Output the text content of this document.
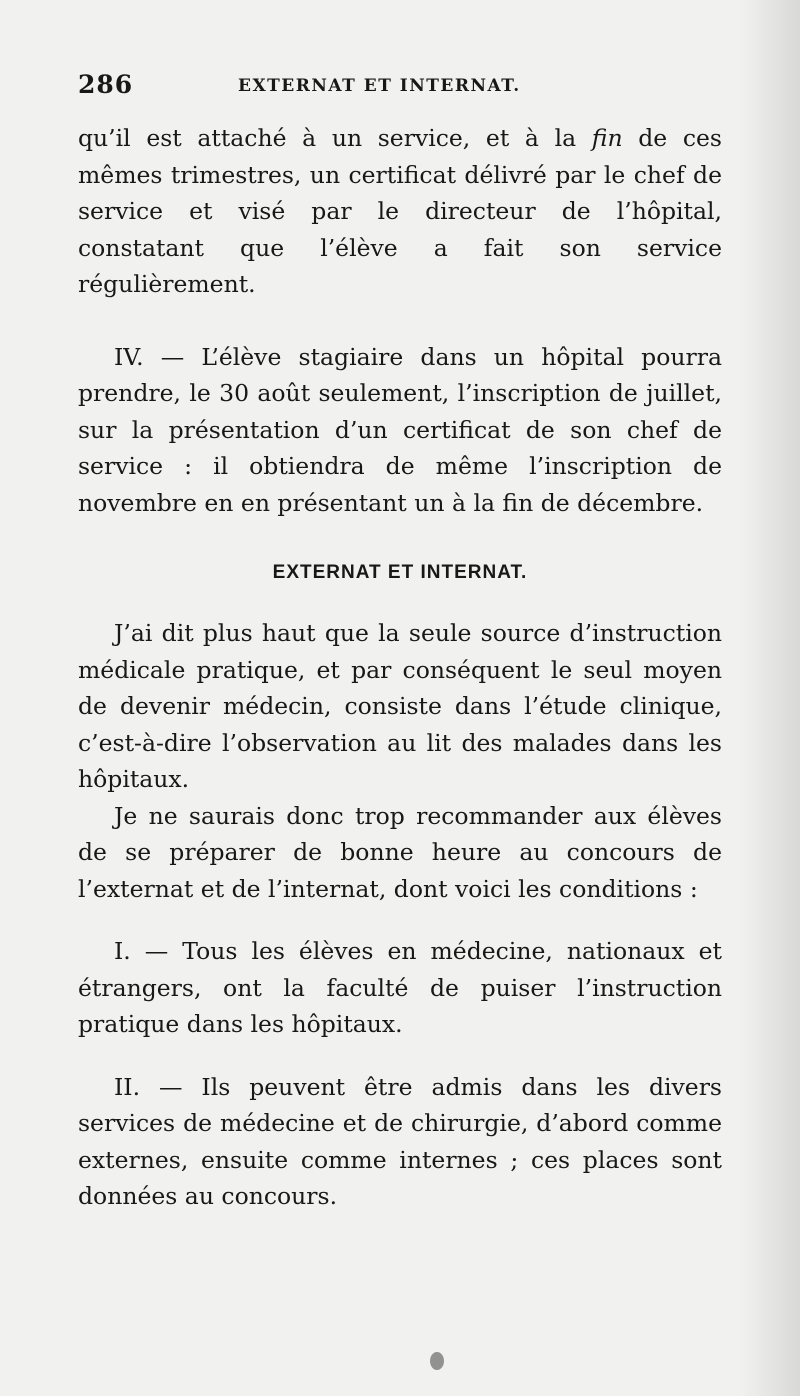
286	EXTERNAT ET INTERNAT.

qu’il est attaché à un service, et à la fin de ces mêmes trimestres, un certificat délivré par le chef de service et visé par le directeur de l’hôpital, constatant que l’élève a fait son service régulièrement.

IV. — L’élève stagiaire dans un hôpital pourra prendre, le 30 août seulement, l’inscription de juillet, sur la présentation d’un certificat de son chef de service : il obtiendra de même l’inscription de novembre en en présentant un à la fin de décembre.

EXTERNAT ET INTERNAT.

J’ai dit plus haut que la seule source d’instruction médicale pratique, et par conséquent le seul moyen de devenir médecin, consiste dans l’étude clinique, c’est-à-dire l’observation au lit des malades dans les hôpitaux.

Je ne saurais donc trop recommander aux élèves de se préparer de bonne heure au concours de l’externat et de l’internat, dont voici les conditions :

I. — Tous les élèves en médecine, nationaux et étrangers, ont la faculté de puiser l’instruction pratique dans les hôpitaux.

II. — Ils peuvent être admis dans les divers services de médecine et de chirurgie, d’abord comme externes, ensuite comme internes ; ces places sont données au concours.
